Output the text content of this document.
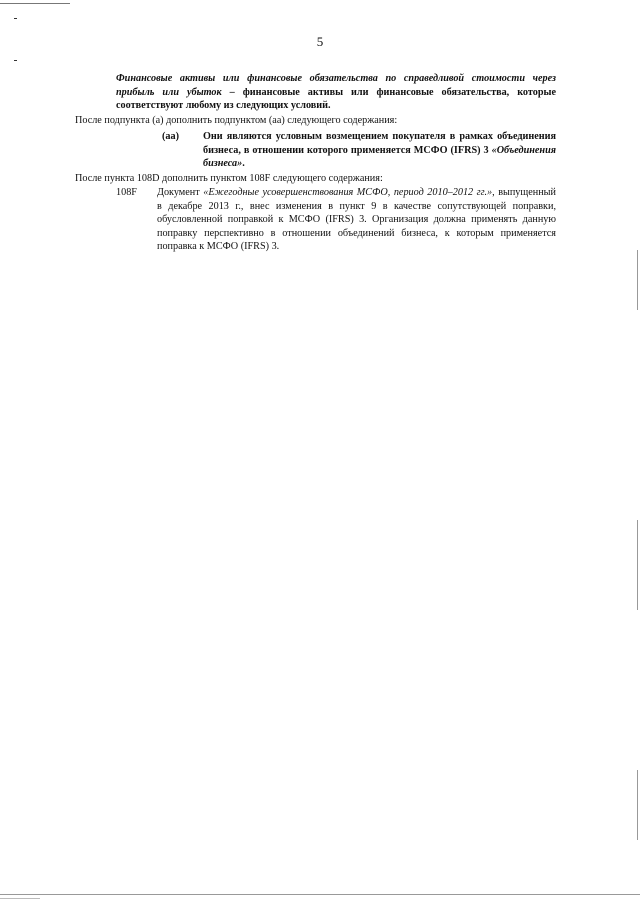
5
Финансовые активы или финансовые обязательства по справедливой стоимости через прибыль или убыток – финансовые активы или финансовые обязательства, которые соответствуют любому из следующих условий.
После подпункта (а) дополнить подпунктом (аа) следующего содержания:
(аа) Они являются условным возмещением покупателя в рамках объединения бизнеса, в отношении которого применяется МСФО (IFRS) 3 «Объединения бизнеса».
После пункта 108D дополнить пунктом 108F следующего содержания:
108F Документ «Ежегодные усовершенствования МСФО, период 2010–2012 гг.», выпущенный в декабре 2013 г., внес изменения в пункт 9 в качестве сопутствующей поправки, обусловленной поправкой к МСФО (IFRS) 3. Организация должна применять данную поправку перспективно в отношении объединений бизнеса, к которым применяется поправка к МСФО (IFRS) 3.
